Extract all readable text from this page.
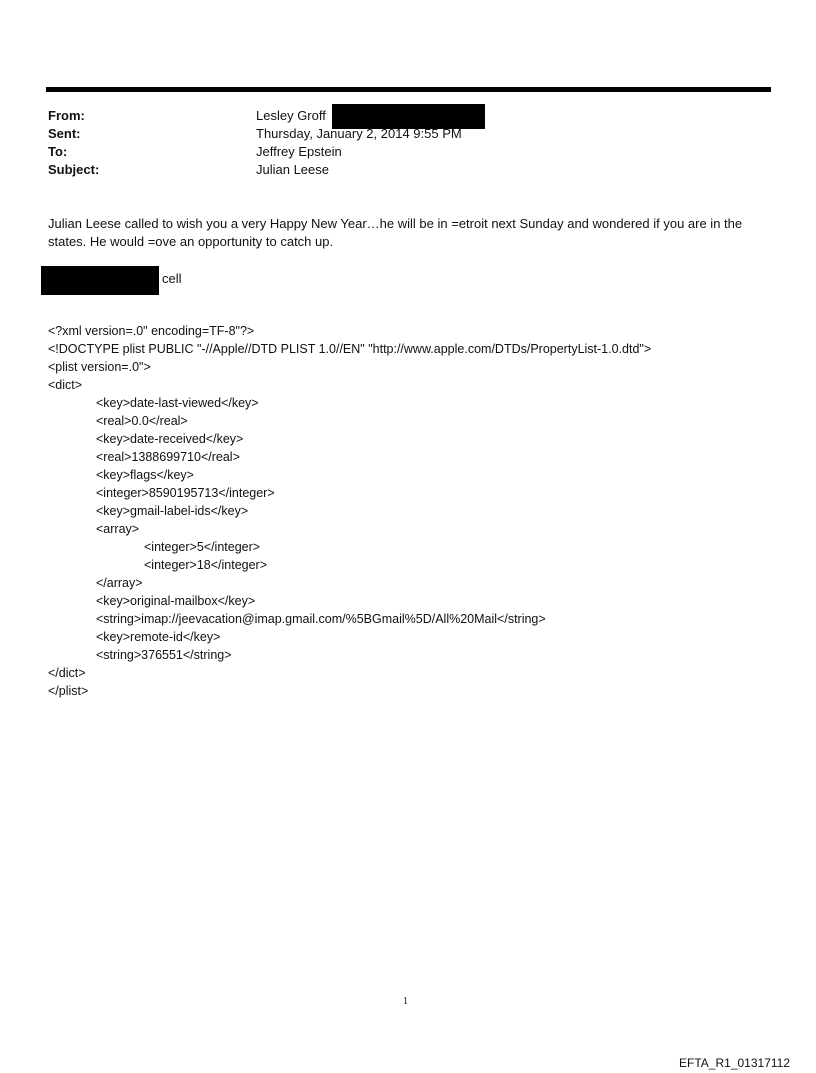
From:	Lesley Groff
Sent:	Thursday, January 2, 2014 9:55 PM
To:	Jeffrey Epstein
Subject:	Julian Leese
Julian Leese called to wish you a very Happy New Year…he will be in =etroit next Sunday and wondered if you are in the states. He would =ove an opportunity to catch up.
cell
<?xml version=.0" encoding=TF-8"?>
<!DOCTYPE plist PUBLIC "-//Apple//DTD PLIST 1.0//EN" "http://www.apple.com/DTDs/PropertyList-1.0.dtd">
<plist version=.0">
<dict>
<key>date-last-viewed</key>
<real>0.0</real>
<key>date-received</key>
<real>1388699710</real>
<key>flags</key>
<integer>8590195713</integer>
<key>gmail-label-ids</key>
<array>
<integer>5</integer>
<integer>18</integer>
</array>
<key>original-mailbox</key>
<string>imap://jeevacation@imap.gmail.com/%5BGmail%5D/All%20Mail</string>
<key>remote-id</key>
<string>376551</string>
</dict>
</plist>
1
EFTA_R1_01317112
